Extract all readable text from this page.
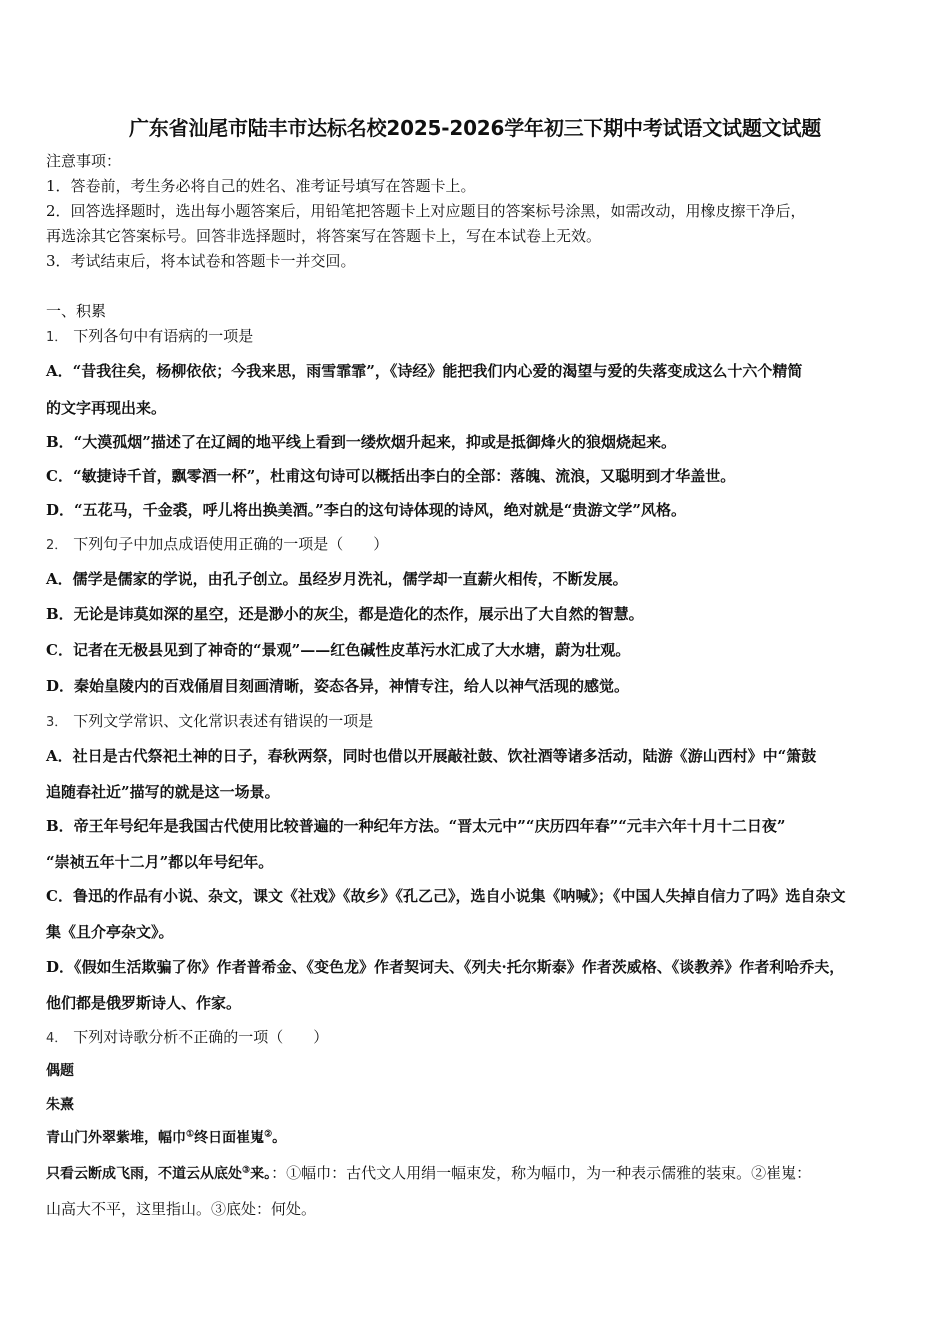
广东省汕尾市陆丰市达标名校2025-2026学年初三下期中考试语文试题文试题
注意事项：
1．答卷前，考生务必将自己的姓名、准考证号填写在答题卡上。
2．回答选择题时，选出每小题答案后，用铅笔把答题卡上对应题目的答案标号涂黑，如需改动，用橡皮擦干净后，
再选涂其它答案标号。回答非选择题时，将答案写在答题卡上，写在本试卷上无效。
3．考试结束后，将本试卷和答题卡一并交回。
一、积累
1． 下列各句中有语病的一项是
A．“昔我往矣，杨柳依依；今我来思，雨雪霏霏”，《诗经》能把我们内心爱的渴望与爱的失落变成这么十六个精简
的文字再现出来。
B．“大漠孤烟”描述了在辽阔的地平线上看到一缕炊烟升起来，抑或是抵御烽火的狼烟烧起来。
C．“敏捷诗千首，飘零酒一杯”，杜甫这句诗可以概括出李白的全部：落魄、流浪，又聪明到才华盖世。
D．“五花马，千金裘，呼儿将出换美酒。”李白的这句诗体现的诗风，绝对就是“贵游文学”风格。
2． 下列句子中加点成语使用正确的一项是（　　）
A．儒学是儒家的学说，由孔子创立。虽经岁月洗礼，儒学却一直薪火相传，不断发展。
B．无论是讳莫如深的星空，还是渺小的灰尘，都是造化的杰作，展示出了大自然的智慧。
C．记者在无极县见到了神奇的“景观”——红色碱性皮革污水汇成了大水塘，蔚为壮观。
D．秦始皇陵内的百戏俑眉目刻画清晰，姿态各异，神情专注，给人以神气活现的感觉。
3． 下列文学常识、文化常识表述有错误的一项是
A．社日是古代祭祀土神的日子，春秋两祭，同时也借以开展敲社鼓、饮社酒等诸多活动，陆游《游山西村》中“箫鼓
追随春社近”描写的就是这一场景。
B．帝王年号纪年是我国古代使用比较普遍的一种纪年方法。“晋太元中”“庆历四年春”“元丰六年十月十二日夜”
“崇祯五年十二月”都以年号纪年。
C．鲁迅的作品有小说、杂文，课文《社戏》《故乡》《孔乙己》，选自小说集《呐喊》；《中国人失掉自信力了吗》选自杂文
集《且介亭杂文》。
D．《假如生活欺骗了你》作者普希金、《变色龙》作者契诃夫、《列夫·托尔斯泰》作者茨威格、《谈教养》作者利哈乔夫，
他们都是俄罗斯诗人、作家。
4． 下列对诗歌分析不正确的一项（　　）
偶题
朱熹
青山门外翠紫堆，幅巾①终日面崔嵬②。
只看云断成飞雨，不道云从底处③来。：①幅巾：古代文人用绢一幅束发，称为幅巾，为一种表示儒雅的装束。②崔嵬：
山高大不平，这里指山。③底处：何处。
